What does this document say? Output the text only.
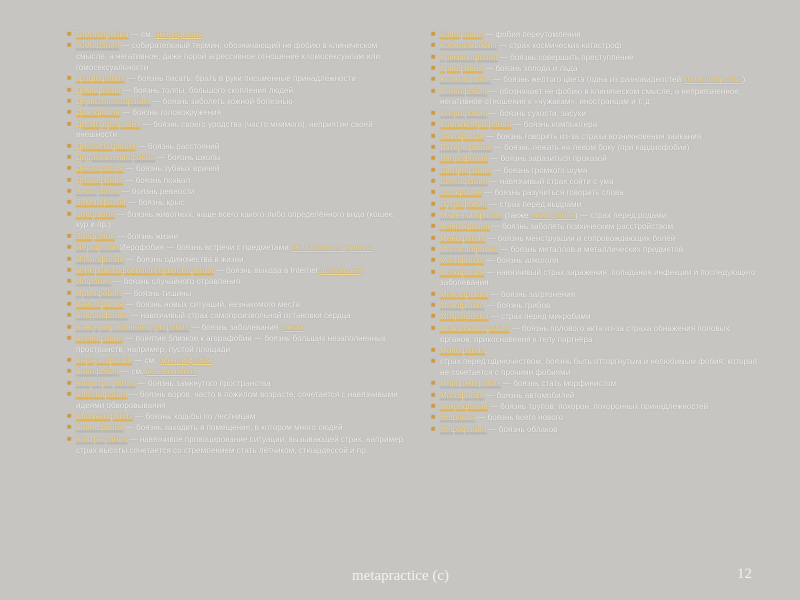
■ Гомилофобия — см. андрофобия
■ Гомофобия — собирательный термин, обозначающий не фобию в клиническом смысле, а негативное, даже порой агрессивное отношение к гомосексуалам или гомосексуальности
■ Графофобия — боязнь писать, брать в руки письменные принадлежности
■ Демофобия — боязнь толпы, большого скопления людей
■ Дерматопатофобия — боязнь заболеть кожной болезнью
■ Динофобия — боязнь головокружения
■ Дисморфофобия — боязнь своего уродства (часто мнимого), неприятие своей внешности
■ Дистантофобия — боязнь расстояний
■ Дидаскалеинофобия — боязнь школы
■ Дентофобия — боязнь зубных врачей
■ Доксофобия — боязнь похвал
■ Зелофобия — боязнь ревности
■ Земмифобия — боязнь крыс
■ Зоофобия — боязнь животных, чаще всего какого-либо определённого вида (кошек, кур и пр.)
■ Зоофобия — боязнь жизни
■ ИерофобияИерофобия — боязнь встречи с предметами религиозного культа
■ Изолофобия — боязнь одиночества в жизни
■ ИнтерпистофобияИнтерпистофобия — боязнь выхода в Internet[источник?]
■ Иофобия — боязнь случайного отравления
■ Ирмофобия — боязнь тишины
■ Кайнофобия — боязнь новых ситуаций, незнакомого места
■ Кардиофобия — навязчивый страх самопроизвольной остановки сердца
■ КанцерофобияКанцерофобия — боязнь заболевания раком
■ Ксенофобия — понятие близкое к агорафобии — боязнь больших незаполненных пространств, например, пустой площади
■ Кераунофобия — см. бронтофобия
■ Кинофобия — см. венерофобия
■ Клаустрофобия — боязнь замкнутого пространства
■ Клептофобия — боязнь воров, часто в пожилом возрасте, сочетается с навязчивыми идеями обворовывания
■ Климакофобия — боязнь ходьбы по лестницам
■ Коинофобия — боязнь заходить в помещение, в котором много людей
■ Контрафобия — навязчивое провоцирование ситуации, вызывающей страх, например страх высоты сочетается со стремлением стать лётчиком, стюардессой и пр.
■ Копофобия — фобия переутомления
■ Космософобия — страх космических катастроф
■ Криминофобия — боязнь совершить преступление
■ Криофобия — боязнь холода и льда
■ Ксантофобия — боязнь желтого цвета (одна из разновидностей хроматофобии)
■ Ксенофобия — обозначает не фобию в клиническом смысле, а неприязненное, негативное отношение к «чужакам», иностранцам и т. д.
■ Ксерофобия — боязнь сухости, засухи
■ Компьютерофобия — боязнь компьютера
■ Лалофобия — боязнь говорить из-за страха возникновения заикания
■ Латерофобия — боязнь лежать на левом боку (при кардиофобии)
■ Лепрофобия — боязнь заразиться проказой
■ Лигирофобия — боязнь громкого шума
■ Лиссофобия — навязчивый страх сойти с ума
■ Логофобия — боязнь разучиться говорить слова
■ Лутрафобия — страх перед выдрами
■ Маиевзиофобия (также токофобия) — страх перед родами
■ Маниофобия — боязнь заболеть психическим расстройством
■ Менофобия — боязнь менструации и сопровождающих болей
■ Металлофобия — боязнь металлов и металлических предметов
■ Метифобия — боязнь алкоголя
■ Мизофобия — навязчивый страх заражения, попадания инфекции и последующего заболевания
■ Миксофобия — боязнь загрязнения
■ Микофобия — боязнь грибов
■ Микрофобия — страх перед микробами
■ Миксоскопофобия — боязнь полового акта из-за страха обнажения половых органов, прикосновения к телу партнёра
■ Монофобия:
■ страх перед одиночеством, боязнь быть отторгнутым и нелюбимым фобия, которая не сочетается с прочими фобиями
■ Морфинофобия — боязнь стать морфинистом
■ Мотофобия — боязнь автомобилей
■ Некрофобия — боязнь трупов, похорон, похоронных принадлежностей
■ Нефобия — боязнь всего нового
■ Нефофобия — боязнь облаков
metapractice (c)	12
